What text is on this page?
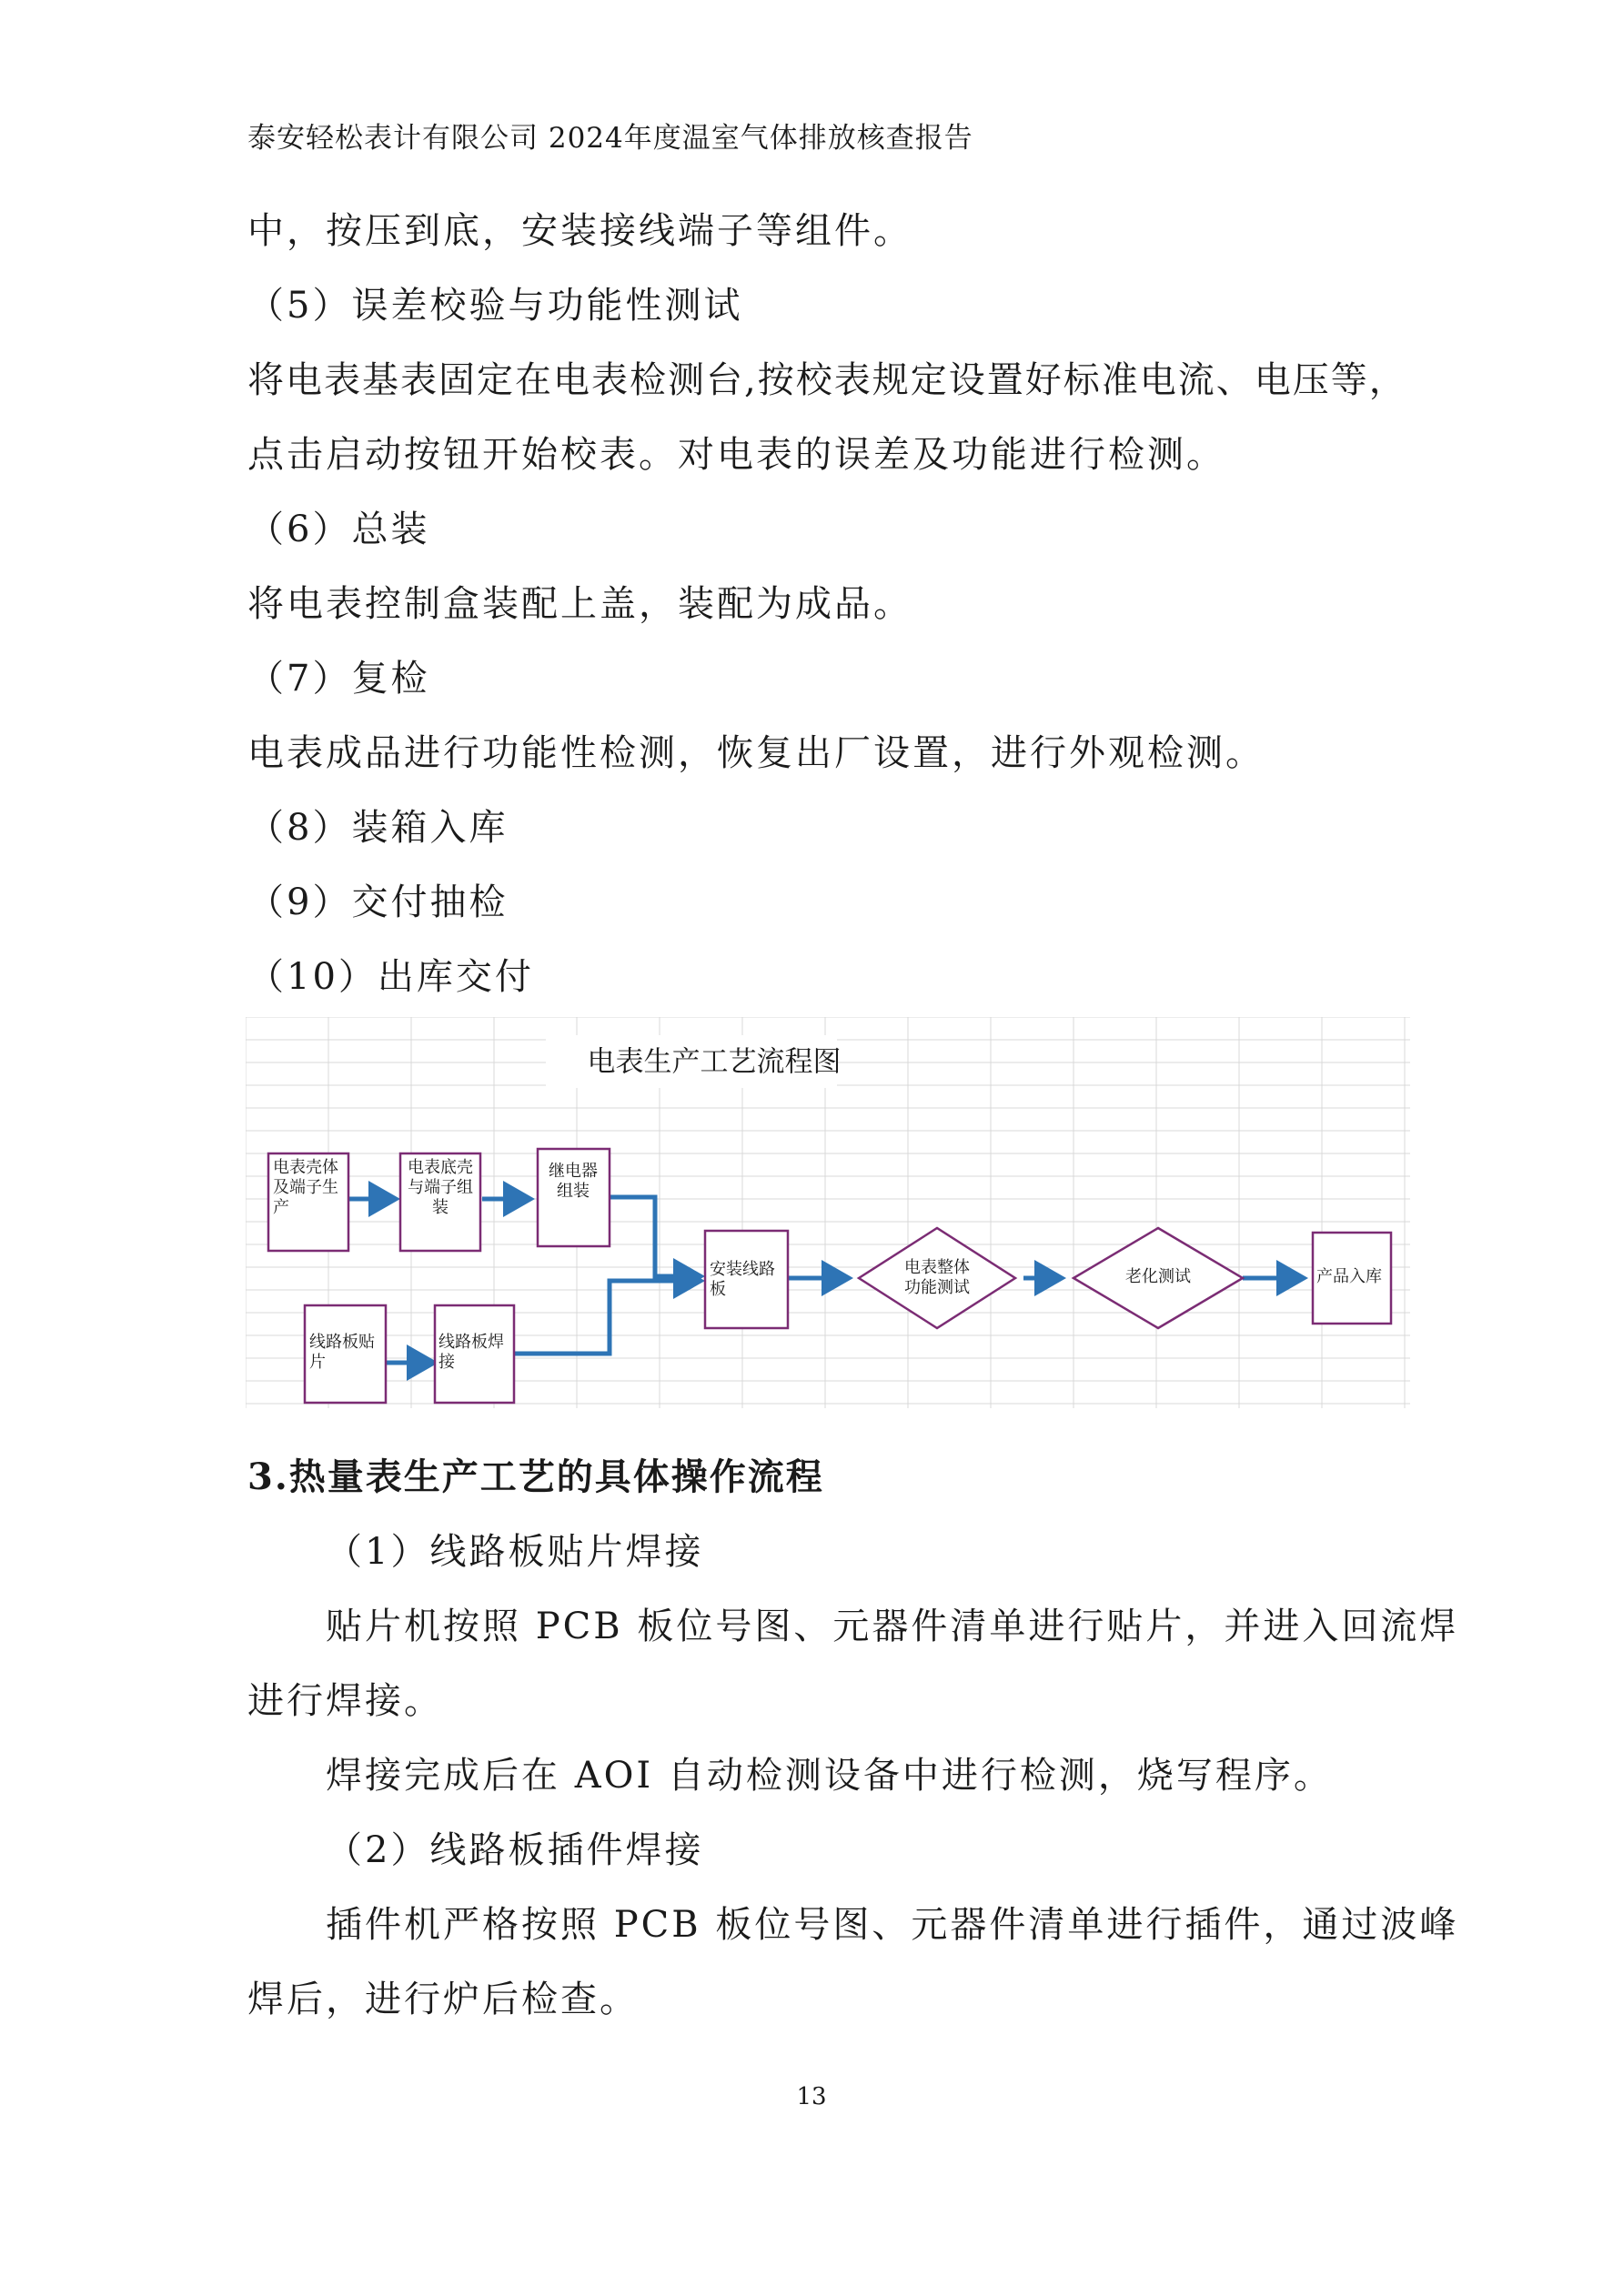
泰安轻松表计有限公司 2024年度温室气体排放核查报告
中，按压到底，安装接线端子等组件。
（5）误差校验与功能性测试
将电表基表固定在电表检测台,按校表规定设置好标准电流、电压等，
点击启动按钮开始校表。对电表的误差及功能进行检测。
（6）总装
将电表控制盒装配上盖，装配为成品。
（7）复检
电表成品进行功能性检测，恢复出厂设置，进行外观检测。
（8）装箱入库
（9）交付抽检
（10）出库交付
电表生产工艺流程图
电表壳体及端子生产
电表底壳与端子组装
继电器组装
安装线路板
电表整体功能测试
老化测试	产品入库
线路板贴片
线路板焊接
3.热量表生产工艺的具体操作流程
（1）线路板贴片焊接
贴片机按照 PCB 板位号图、元器件清单进行贴片，并进入回流焊
进行焊接。
焊接完成后在 AOI 自动检测设备中进行检测，烧写程序。
（2）线路板插件焊接
插件机严格按照 PCB 板位号图、元器件清单进行插件，通过波峰
焊后，进行炉后检查。
13
